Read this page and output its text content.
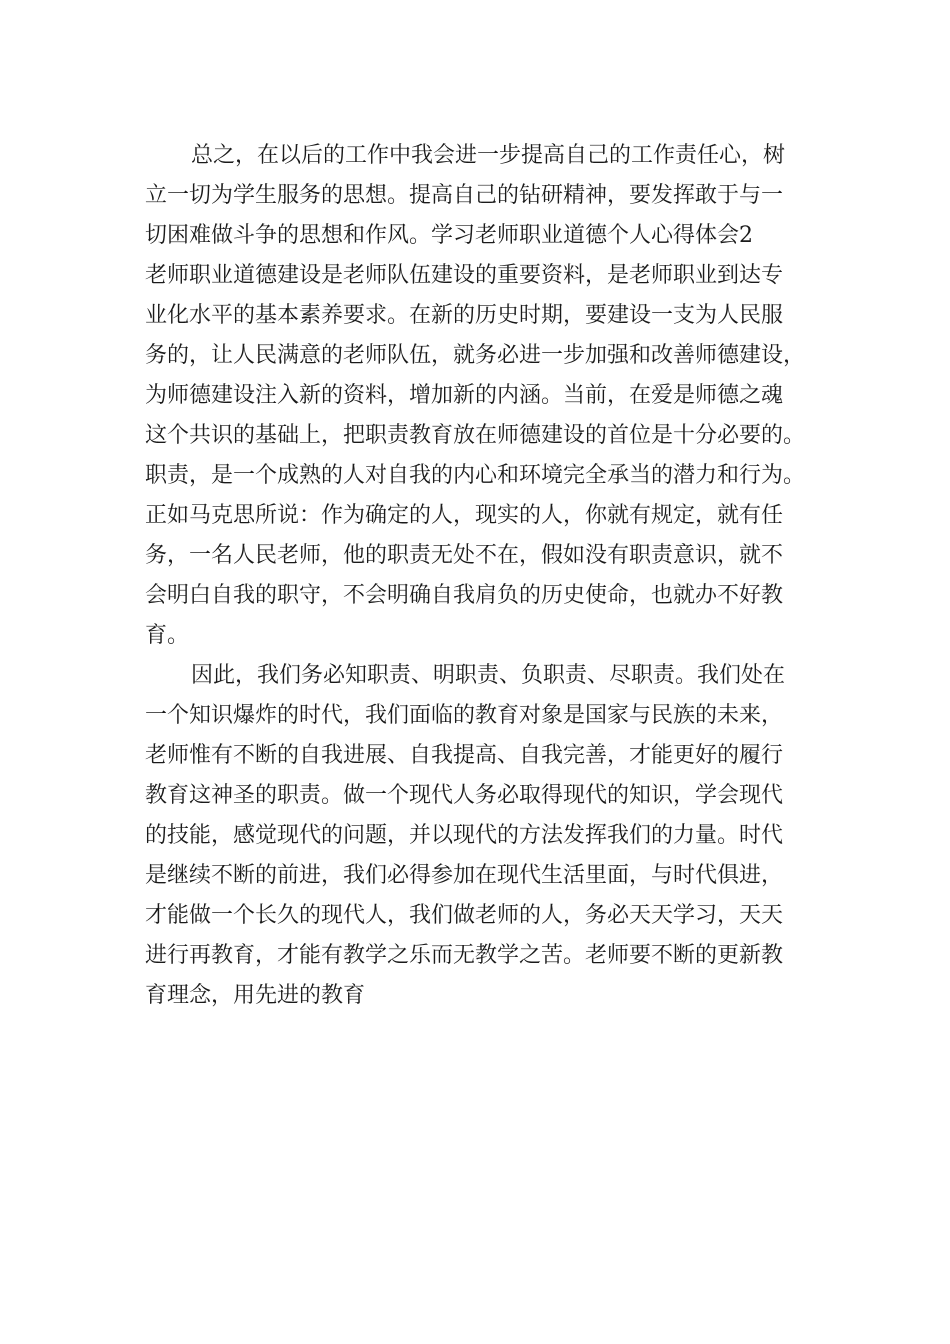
总之，在以后的工作中我会进一步提高自己的工作责任心，树
立一切为学生服务的思想。提高自己的钻研精神，要发挥敢于与一
切困难做斗争的思想和作风。学习老师职业道德个人心得体会2
老师职业道德建设是老师队伍建设的重要资料，是老师职业到达专
业化水平的基本素养要求。在新的历史时期，要建设一支为人民服
务的，让人民满意的老师队伍，就务必进一步加强和改善师德建设，
为师德建设注入新的资料，增加新的内涵。当前，在爱是师德之魂
这个共识的基础上，把职责教育放在师德建设的首位是十分必要的。
职责，是一个成熟的人对自我的内心和环境完全承当的潜力和行为。
正如马克思所说：作为确定的人，现实的人，你就有规定，就有任
务，一名人民老师，他的职责无处不在，假如没有职责意识，就不
会明白自我的职守，不会明确自我肩负的历史使命，也就办不好教
育。
因此，我们务必知职责、明职责、负职责、尽职责。我们处在
一个知识爆炸的时代，我们面临的教育对象是国家与民族的未来，
老师惟有不断的自我进展、自我提高、自我完善，才能更好的履行
教育这神圣的职责。做一个现代人务必取得现代的知识，学会现代
的技能，感觉现代的问题，并以现代的方法发挥我们的力量。时代
是继续不断的前进，我们必得参加在现代生活里面，与时代俱进，
才能做一个长久的现代人，我们做老师的人，务必天天学习，天天
进行再教育，才能有教学之乐而无教学之苦。老师要不断的更新教
育理念，用先进的教育
